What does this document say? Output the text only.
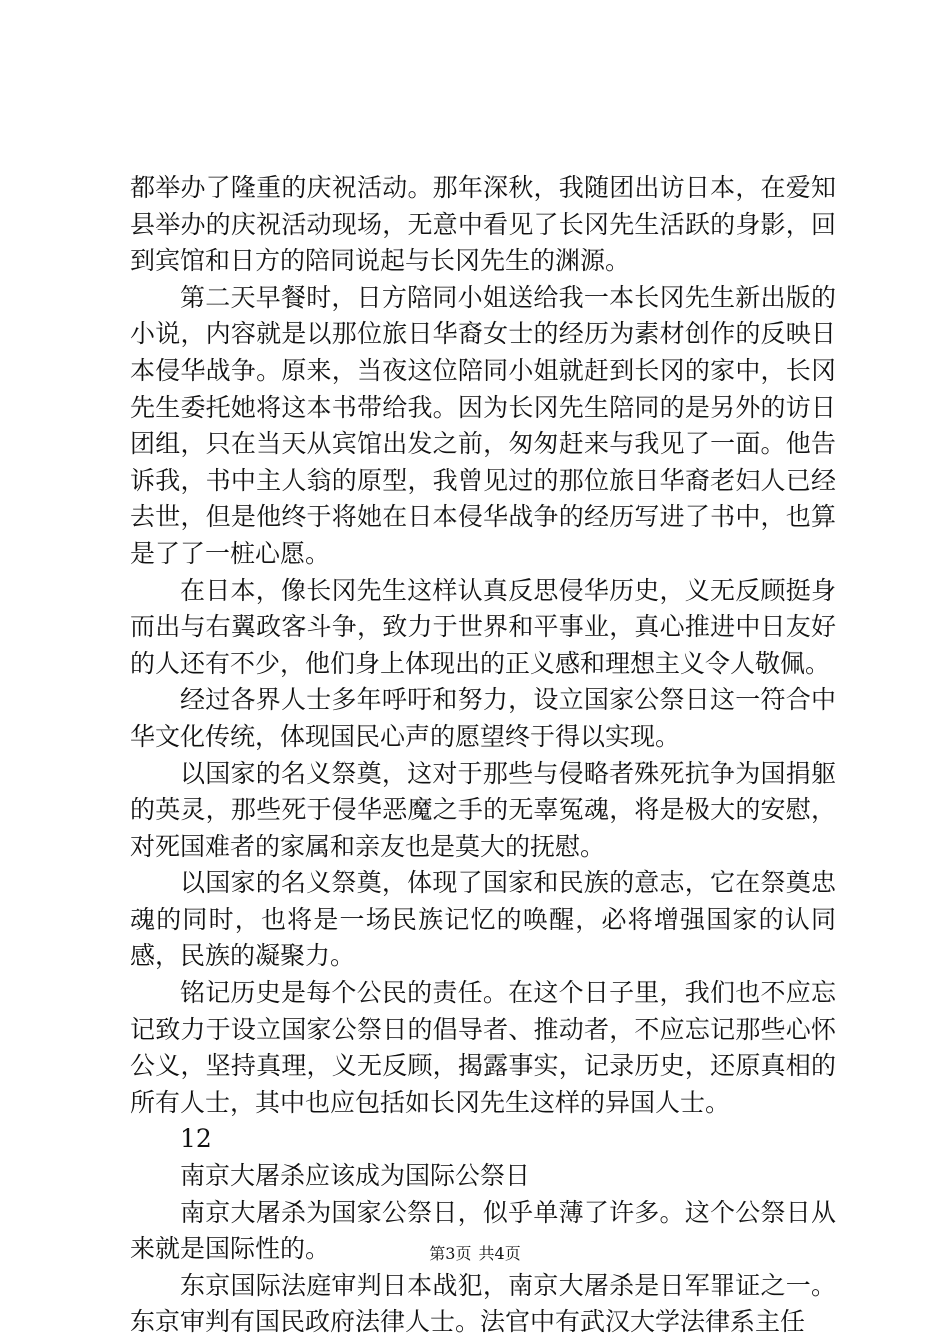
都举办了隆重的庆祝活动。那年深秋，我随团出访日本，在爱知县举办的庆祝活动现场，无意中看见了长冈先生活跃的身影，回到宾馆和日方的陪同说起与长冈先生的渊源。

第二天早餐时，日方陪同小姐送给我一本长冈先生新出版的小说，内容就是以那位旅日华裔女士的经历为素材创作的反映日本侵华战争。原来，当夜这位陪同小姐就赶到长冈的家中，长冈先生委托她将这本书带给我。因为长冈先生陪同的是另外的访日团组，只在当天从宾馆出发之前，匆匆赶来与我见了一面。他告诉我，书中主人翁的原型，我曾见过的那位旅日华裔老妇人已经去世，但是他终于将她在日本侵华战争的经历写进了书中，也算是了了一桩心愿。

在日本，像长冈先生这样认真反思侵华历史，义无反顾挺身而出与右翼政客斗争，致力于世界和平事业，真心推进中日友好的人还有不少，他们身上体现出的正义感和理想主义令人敬佩。

经过各界人士多年呼吁和努力，设立国家公祭日这一符合中华文化传统，体现国民心声的愿望终于得以实现。

以国家的名义祭奠，这对于那些与侵略者殊死抗争为国捐躯的英灵，那些死于侵华恶魔之手的无辜冤魂，将是极大的安慰，对死国难者的家属和亲友也是莫大的抚慰。

以国家的名义祭奠，体现了国家和民族的意志，它在祭奠忠魂的同时，也将是一场民族记忆的唤醒，必将增强国家的认同感，民族的凝聚力。

铭记历史是每个公民的责任。在这个日子里，我们也不应忘记致力于设立国家公祭日的倡导者、推动者，不应忘记那些心怀公义，坚持真理，义无反顾，揭露事实，记录历史，还原真相的所有人士，其中也应包括如长冈先生这样的异国人士。

12

南京大屠杀应该成为国际公祭日

南京大屠杀为国家公祭日，似乎单薄了许多。这个公祭日从来就是国际性的。

东京国际法庭审判日本战犯，南京大屠杀是日军罪证之一。东京审判有国民政府法律人士。法官中有武汉大学法律系主任

第3页 共4页
